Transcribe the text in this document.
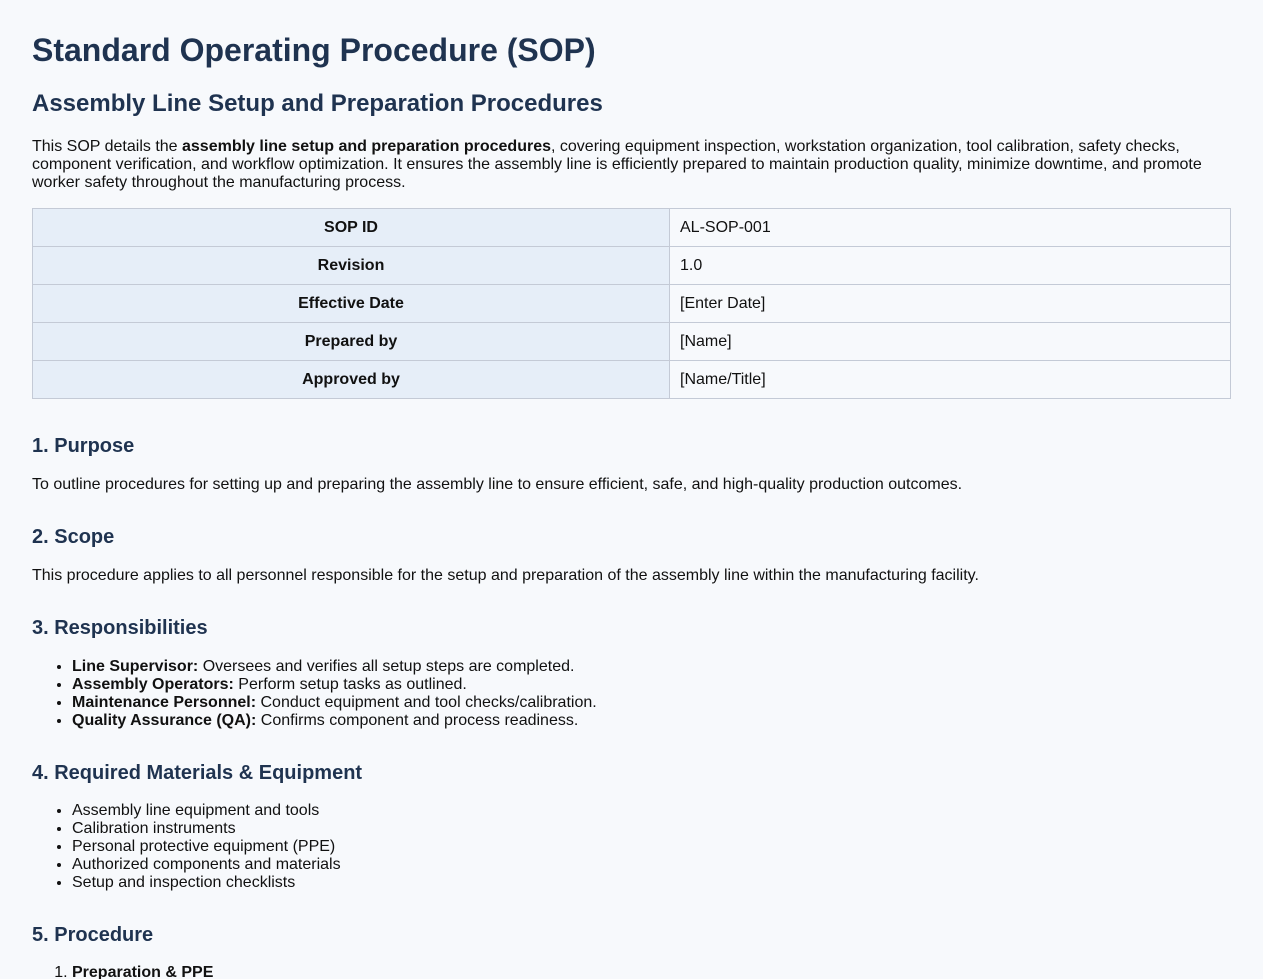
Standard Operating Procedure (SOP)
Assembly Line Setup and Preparation Procedures

This SOP details the assembly line setup and preparation procedures, covering equipment inspection, workstation organization, tool calibration, safety checks, component verification, and workflow optimization. It ensures the assembly line is efficiently prepared to maintain production quality, minimize downtime, and promote worker safety throughout the manufacturing process.

SOP ID	AL-SOP-001
Revision	1.0
Effective Date	[Enter Date]
Prepared by	[Name]
Approved by	[Name/Title]
1. Purpose

To outline procedures for setting up and preparing the assembly line to ensure efficient, safe, and high-quality production outcomes.

2. Scope

This procedure applies to all personnel responsible for the setup and preparation of the assembly line within the manufacturing facility.

3. Responsibilities
• Line Supervisor: Oversees and verifies all setup steps are completed.
• Assembly Operators: Perform setup tasks as outlined.
• Maintenance Personnel: Conduct equipment and tool checks/calibration.
• Quality Assurance (QA): Confirms component and process readiness.
4. Required Materials & Equipment
• Assembly line equipment and tools
• Calibration instruments
• Personal protective equipment (PPE)
• Authorized components and materials
• Setup and inspection checklists
5. Procedure
1. Preparation & PPE
